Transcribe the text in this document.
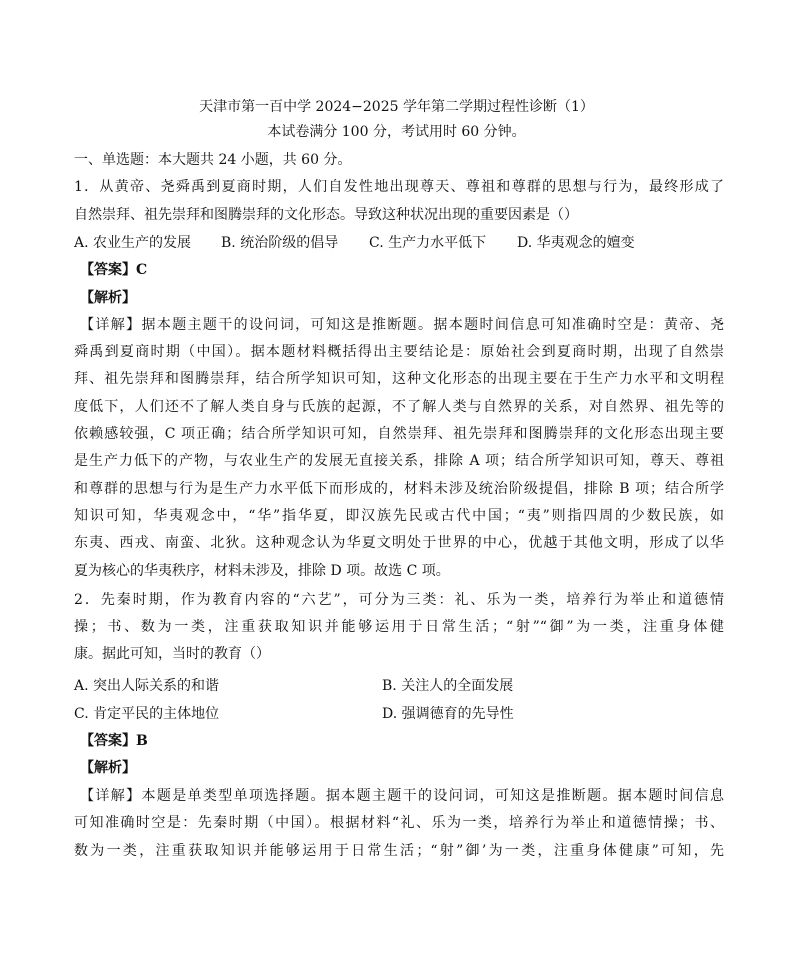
天津市第一百中学 2024−2025 学年第二学期过程性诊断（1）
本试卷满分 100 分，考试用时 60 分钟。
一、单选题：本大题共 24 小题，共 60 分。
1．从黄帝、尧舜禹到夏商时期，人们自发性地出现尊天、尊祖和尊群的思想与行为，最终形成了
自然崇拜、祖先崇拜和图腾崇拜的文化形态。导致这种状况出现的重要因素是（）
A. 农业生产的发展 B. 统治阶级的倡导 C. 生产力水平低下 D. 华夷观念的嬗变
【答案】C
【解析】
【详解】据本题主题干的设问词，可知这是推断题。据本题时间信息可知准确时空是：黄帝、尧
舜禹到夏商时期（中国）。据本题材料概括得出主要结论是：原始社会到夏商时期，出现了自然崇
拜、祖先崇拜和图腾崇拜，结合所学知识可知，这种文化形态的出现主要在于生产力水平和文明程
度低下，人们还不了解人类自身与氏族的起源，不了解人类与自然界的关系，对自然界、祖先等的
依赖感较强，C 项正确；结合所学知识可知，自然崇拜、祖先崇拜和图腾崇拜的文化形态出现主要
是生产力低下的产物，与农业生产的发展无直接关系，排除 A 项；结合所学知识可知，尊天、尊祖
和尊群的思想与行为是生产力水平低下而形成的，材料未涉及统治阶级提倡，排除 B 项；结合所学
知识可知，华夷观念中，“华”指华夏，即汉族先民或古代中国；“夷”则指四周的少数民族，如
东夷、西戎、南蛮、北狄。这种观念认为华夏文明处于世界的中心，优越于其他文明，形成了以华
夏为核心的华夷秩序，材料未涉及，排除 D 项。故选 C 项。
2．先秦时期，作为教育内容的“六艺”，可分为三类：礼、乐为一类，培养行为举止和道德情
操；书、数为一类，注重获取知识并能够运用于日常生活；“射”“御”为一类，注重身体健
康。据此可知，当时的教育（）
A. 突出人际关系的和谐	B. 关注人的全面发展
C. 肯定平民的主体地位	D. 强调德育的先导性
【答案】B
【解析】
【详解】本题是单类型单项选择题。据本题主题干的设问词，可知这是推断题。据本题时间信息
可知准确时空是：先秦时期（中国）。根据材料“礼、乐为一类，培养行为举止和道德情操；书、
数为一类，注重获取知识并能够运用于日常生活；“射”御’为一类，注重身体健康”可知，先
